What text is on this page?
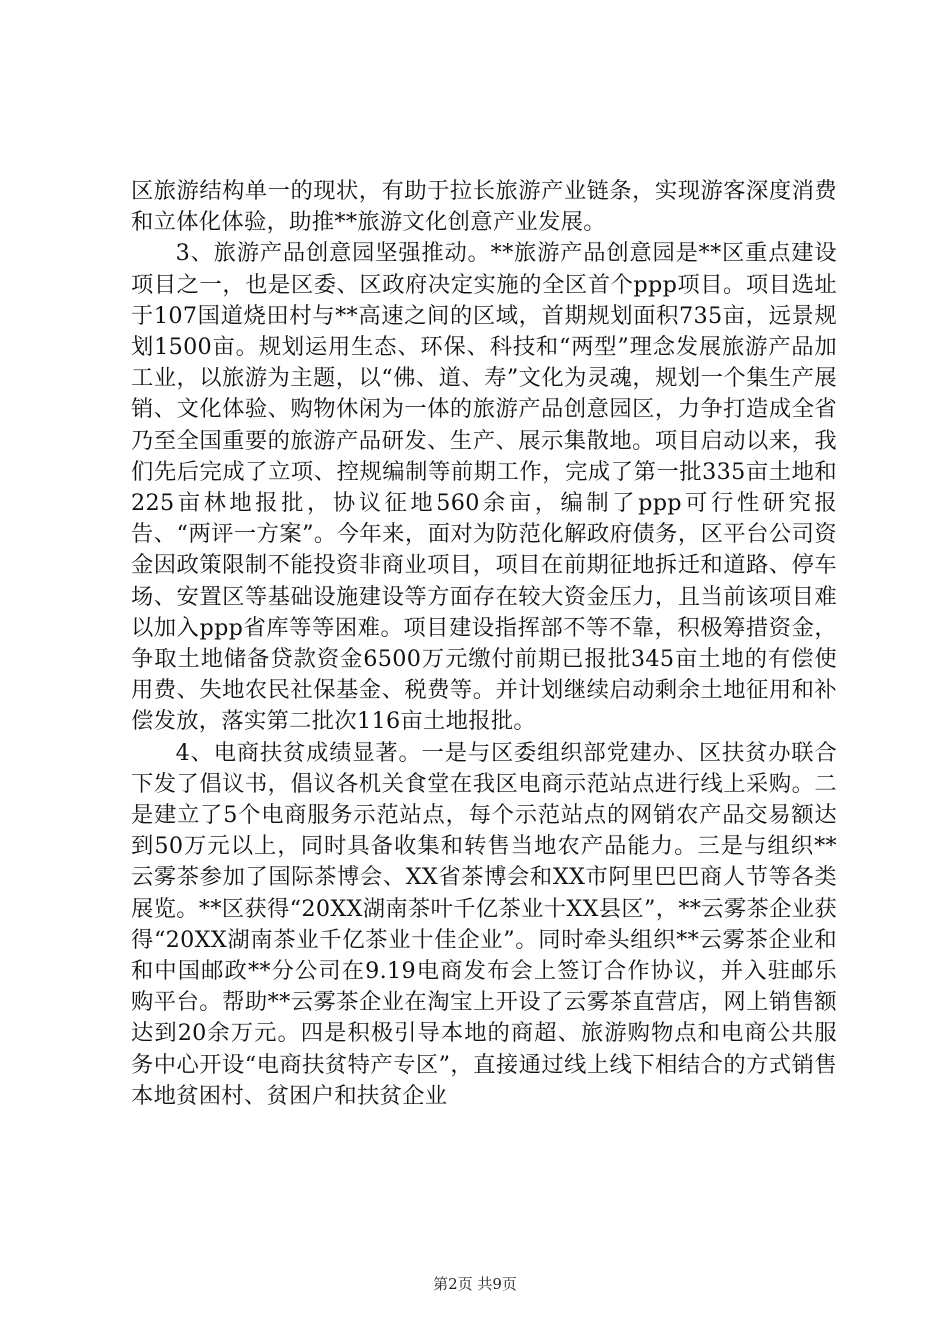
区旅游结构单一的现状，有助于拉长旅游产业链条，实现游客深度消费和立体化体验，助推**旅游文化创意产业发展。

3、旅游产品创意园坚强推动。**旅游产品创意园是**区重点建设项目之一，也是区委、区政府决定实施的全区首个ppp项目。项目选址于107国道烧田村与**高速之间的区域，首期规划面积735亩，远景规划1500亩。规划运用生态、环保、科技和“两型”理念发展旅游产品加工业，以旅游为主题，以“佛、道、寿”文化为灵魂，规划一个集生产展销、文化体验、购物休闲为一体的旅游产品创意园区，力争打造成全省乃至全国重要的旅游产品研发、生产、展示集散地。项目启动以来，我们先后完成了立项、控规编制等前期工作，完成了第一批335亩土地和225亩林地报批，协议征地560余亩，编制了ppp可行性研究报告、“两评一方案”。今年来，面对为防范化解政府债务，区平台公司资金因政策限制不能投资非商业项目，项目在前期征地拆迁和道路、停车场、安置区等基础设施建设等方面存在较大资金压力，且当前该项目难以加入ppp省库等等困难。项目建设指挥部不等不靠，积极筹措资金，争取土地储备贷款资金6500万元缴付前期已报批345亩土地的有偿使用费、失地农民社保基金、税费等。并计划继续启动剩余土地征用和补偿发放，落实第二批次116亩土地报批。

4、电商扶贫成绩显著。一是与区委组织部党建办、区扶贫办联合下发了倡议书，倡议各机关食堂在我区电商示范站点进行线上采购。二是建立了5个电商服务示范站点，每个示范站点的网销农产品交易额达到50万元以上，同时具备收集和转售当地农产品能力。三是与组织**云雾茶参加了国际茶博会、XX省茶博会和XX市阿里巴巴商人节等各类展览。**区获得“20XX湖南茶叶千亿茶业十XX县区”，**云雾茶企业获得“20XX湖南茶业千亿茶业十佳企业”。同时牵头组织**云雾茶企业和和中国邮政**分公司在9.19电商发布会上签订合作协议，并入驻邮乐购平台。帮助**云雾茶企业在淘宝上开设了云雾茶直营店，网上销售额达到20余万元。四是积极引导本地的商超、旅游购物点和电商公共服务中心开设“电商扶贫特产专区”，直接通过线上线下相结合的方式销售本地贫困村、贫困户和扶贫企业

第2页 共9页
